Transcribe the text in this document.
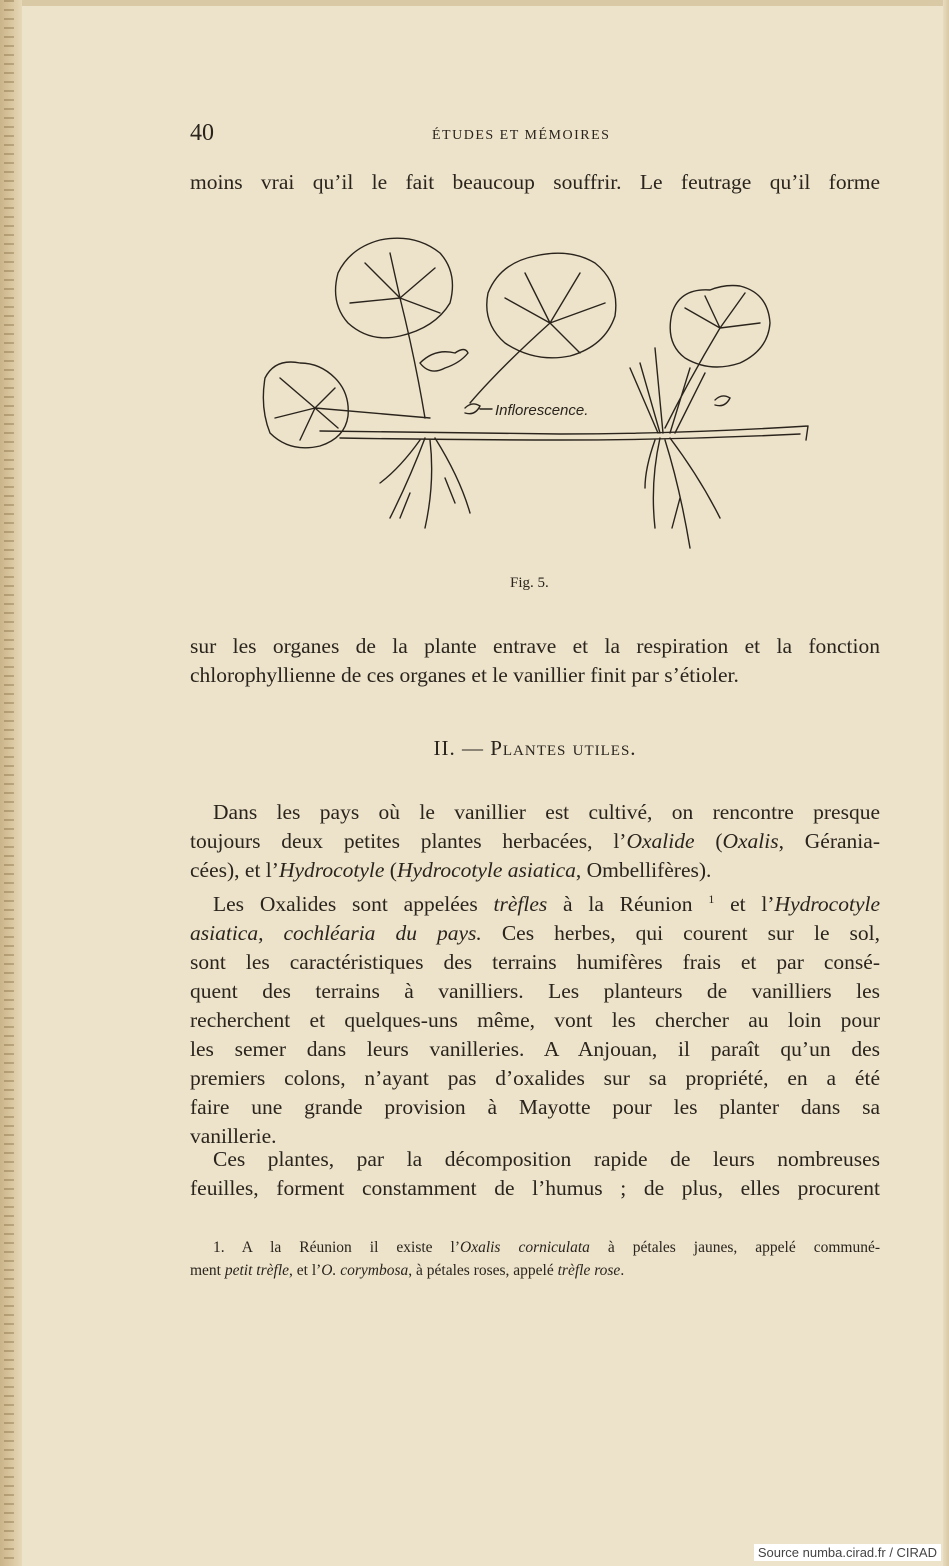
40	ÉTUDES ET MÉMOIRES
moins vrai qu’il le fait beaucoup souffrir. Le feutrage qu’il forme
Inflorescence.
Fig. 5.
sur les organes de la plante entrave et la respiration et la fonction
chlorophyllienne de ces organes et le vanillier finit par s’étioler.
II. — Plantes utiles.
Dans les pays où le vanillier est cultivé, on rencontre presque
toujours deux petites plantes herbacées, l’Oxalide (Oxalis, Gérania-
cées), et l’Hydrocotyle (Hydrocotyle asiatica, Ombellifères).
Les Oxalides sont appelées trèfles à la Réunion $^1$ et l’Hydrocotyle
asiatica, cochléaria du pays. Ces herbes, qui courent sur le sol,
sont les caractéristiques des terrains humifères frais et par consé-
quent des terrains à vanilliers. Les planteurs de vanilliers les
recherchent et quelques-uns même, vont les chercher au loin pour
les semer dans leurs vanilleries. A Anjouan, il paraît qu’un des
premiers colons, n’ayant pas d’oxalides sur sa propriété, en a été
faire une grande provision à Mayotte pour les planter dans sa
vanillerie.
Ces plantes, par la décomposition rapide de leurs nombreuses
feuilles, forment constamment de l’humus ; de plus, elles procurent
1. A la Réunion il existe l’Oxalis corniculata à pétales jaunes, appelé communé-
ment petit trèfle, et l’O. corymbosa, à pétales roses, appelé trèfle rose.
Source numba.cirad.fr / CIRAD
